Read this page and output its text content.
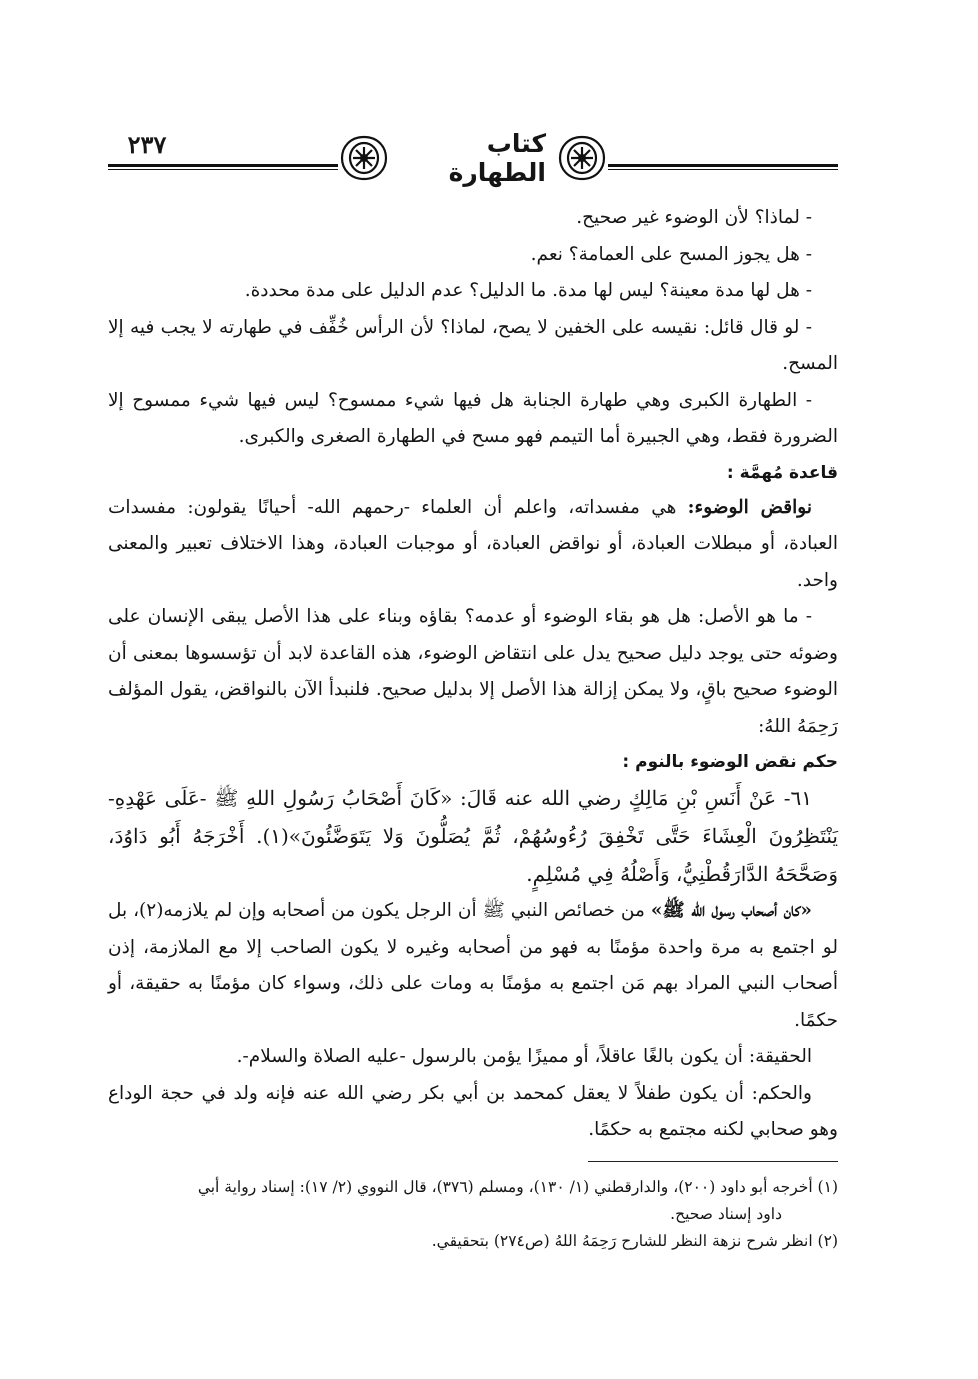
٢٣٧	كتاب الطهارة

- لماذا؟ لأن الوضوء غير صحيح.

- هل يجوز المسح على العمامة؟ نعم.

- هل لها مدة معينة؟ ليس لها مدة. ما الدليل؟ عدم الدليل على مدة محددة.

- لو قال قائل: نقيسه على الخفين لا يصح، لماذا؟ لأن الرأس خُفِّف في طهارته لا يجب فيه إلا المسح.

- الطهارة الكبرى وهي طهارة الجنابة هل فيها شيء ممسوح؟ ليس فيها شيء ممسوح إلا الضرورة فقط، وهي الجبيرة أما التيمم فهو مسح في الطهارة الصغرى والكبرى.

قاعدة مُهمَّة :

نواقض الوضوء: هي مفسداته، واعلم أن العلماء -رحمهم الله- أحيانًا يقولون: مفسدات العبادة، أو مبطلات العبادة، أو نواقض العبادة، أو موجبات العبادة، وهذا الاختلاف تعبير والمعنى واحد.

- ما هو الأصل: هل هو بقاء الوضوء أو عدمه؟ بقاؤه وبناء على هذا الأصل يبقى الإنسان على وضوئه حتى يوجد دليل صحيح يدل على انتقاض الوضوء، هذه القاعدة لابد أن تؤسسوها بمعنى أن الوضوء صحيح باقٍ، ولا يمكن إزالة هذا الأصل إلا بدليل صحيح. فلنبدأ الآن بالنواقض، يقول المؤلف رَحِمَهُ اللهُ:

حكم نقض الوضوء بالنوم :

٦١- عَنْ أَنَسِ بْنِ مَالِكٍ رضي الله عنه قَالَ: «كَانَ أَصْحَابُ رَسُولِ اللهِ ﷺ -عَلَى عَهْدِهِ- يَنْتَظِرُونَ الْعِشَاءَ حَتَّى تَخْفِقَ رُءُوسُهُمْ، ثُمَّ يُصَلُّونَ وَلا يَتَوَضَّئُونَ»(١). أَخْرَجَهُ أَبُو دَاوُدَ، وَصَحَّحَهُ الدَّارَقُطْنِيُّ، وَأَصْلُهُ فِي مُسْلِمٍ.

«كان أصحاب رسول الله ﷺ» من خصائص النبي ﷺ أن الرجل يكون من أصحابه وإن لم يلازمه(٢)، بل لو اجتمع به مرة واحدة مؤمنًا به فهو من أصحابه وغيره لا يكون الصاحب إلا مع الملازمة، إذن أصحاب النبي المراد بهم مَن اجتمع به مؤمنًا به ومات على ذلك، وسواء كان مؤمنًا به حقيقة، أو حكمًا.

الحقيقة: أن يكون بالغًا عاقلاً، أو مميزًا يؤمن بالرسول -عليه الصلاة والسلام-.

والحكم: أن يكون طفلاً لا يعقل كمحمد بن أبي بكر رضي الله عنه فإنه ولد في حجة الوداع وهو صحابي لكنه مجتمع به حكمًا.

(١) أخرجه أبو داود (٢٠٠)، والدارقطني (١/ ١٣٠)، ومسلم (٣٧٦)، قال النووي (٢/ ١٧): إسناد رواية أبي
داود إسناد صحيح.
(٢) انظر شرح نزهة النظر للشارح رَحِمَهُ اللهُ (ص٢٧٤) بتحقيقي.
